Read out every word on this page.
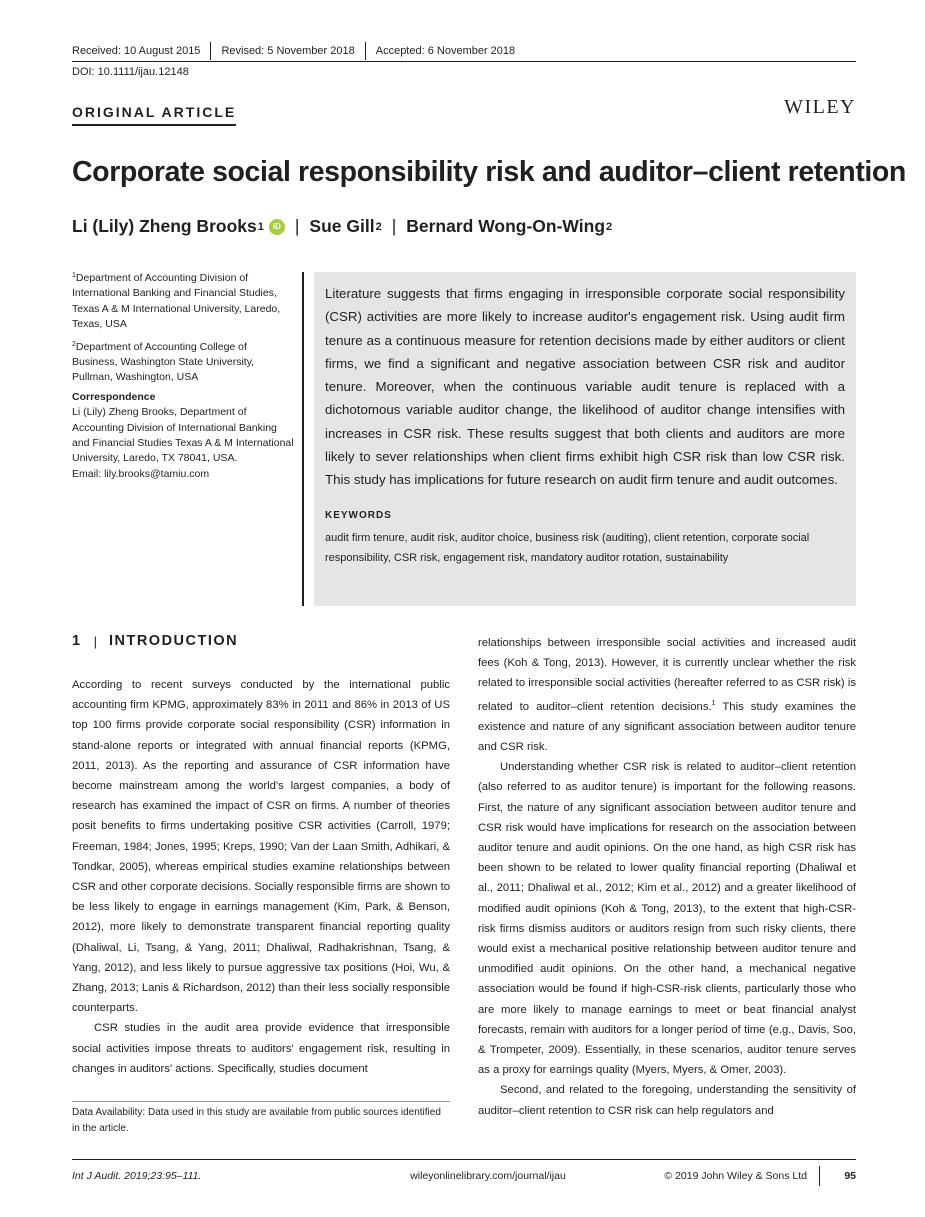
Received: 10 August 2015	Revised: 5 November 2018	Accepted: 6 November 2018
DOI: 10.1111/ijau.12148
ORIGINAL ARTICLE	WILEY
Corporate social responsibility risk and auditor–client retention
Li (Lily) Zheng Brooks 1	iD | Sue Gill 2 | Bernard Wong-On-Wing 2

$^1$Department of Accounting Division of International Banking and Financial Studies, Texas A & M International University, Laredo, Texas, USA

$^2$Department of Accounting College of Business, Washington State University, Pullman, Washington, USA

Correspondence

Li (Lily) Zheng Brooks, Department of Accounting Division of International Banking and Financial Studies Texas A & M International University, Laredo, TX 78041, USA.

Email: lily.brooks@tamiu.com

Literature suggests that firms engaging in irresponsible corporate social responsibility (CSR) activities are more likely to increase auditor's engagement risk. Using audit firm tenure as a continuous measure for retention decisions made by either auditors or client firms, we find a significant and negative association between CSR risk and auditor tenure. Moreover, when the continuous variable audit tenure is replaced with a dichotomous variable auditor change, the likelihood of auditor change intensifies with increases in CSR risk. These results suggest that both clients and auditors are more likely to sever relationships when client firms exhibit high CSR risk than low CSR risk. This study has implications for future research on audit firm tenure and audit outcomes.

KEYWORDS

audit firm tenure, audit risk, auditor choice, business risk (auditing), client retention, corporate social responsibility, CSR risk, engagement risk, mandatory auditor rotation, sustainability

1 | INTRODUCTION

According to recent surveys conducted by the international public accounting firm KPMG, approximately 83% in 2011 and 86% in 2013 of US top 100 firms provide corporate social responsibility (CSR) information in stand-alone reports or integrated with annual financial reports (KPMG, 2011, 2013). As the reporting and assurance of CSR information have become mainstream among the world's largest companies, a body of research has examined the impact of CSR on firms. A number of theories posit benefits to firms undertaking positive CSR activities (Carroll, 1979; Freeman, 1984; Jones, 1995; Kreps, 1990; Van der Laan Smith, Adhikari, & Tondkar, 2005), whereas empirical studies examine relationships between CSR and other corporate decisions. Socially responsible firms are shown to be less likely to engage in earnings management (Kim, Park, & Benson, 2012), more likely to demonstrate transparent financial reporting quality (Dhaliwal, Li, Tsang, & Yang, 2011; Dhaliwal, Radhakrishnan, Tsang, & Yang, 2012), and less likely to pursue aggressive tax positions (Hoi, Wu, & Zhang, 2013; Lanis & Richardson, 2012) than their less socially responsible counterparts.

CSR studies in the audit area provide evidence that irresponsible social activities impose threats to auditors' engagement risk, resulting in changes in auditors' actions. Specifically, studies document

relationships between irresponsible social activities and increased audit fees (Koh & Tong, 2013). However, it is currently unclear whether the risk related to irresponsible social activities (hereafter referred to as CSR risk) is related to auditor–client retention decisions.$^1$ This study examines the existence and nature of any significant association between auditor tenure and CSR risk.

Understanding whether CSR risk is related to auditor–client retention (also referred to as auditor tenure) is important for the following reasons. First, the nature of any significant association between auditor tenure and CSR risk would have implications for research on the association between auditor tenure and audit opinions. On the one hand, as high CSR risk has been shown to be related to lower quality financial reporting (Dhaliwal et al., 2011; Dhaliwal et al., 2012; Kim et al., 2012) and a greater likelihood of modified audit opinions (Koh & Tong, 2013), to the extent that high-CSR-risk firms dismiss auditors or auditors resign from such risky clients, there would exist a mechanical positive relationship between auditor tenure and unmodified audit opinions. On the other hand, a mechanical negative association would be found if high-CSR-risk clients, particularly those who are more likely to manage earnings to meet or beat financial analyst forecasts, remain with auditors for a longer period of time (e.g., Davis, Soo, & Trompeter, 2009). Essentially, in these scenarios, auditor tenure serves as a proxy for earnings quality (Myers, Myers, & Omer, 2003).

Second, and related to the foregoing, understanding the sensitivity of auditor–client retention to CSR risk can help regulators and

Data Availability: Data used in this study are available from public sources identified in the article.
Int J Audit. 2019;23:95–111.	wileyonlinelibrary.com/journal/ijau	© 2019 John Wiley & Sons Ltd	95
